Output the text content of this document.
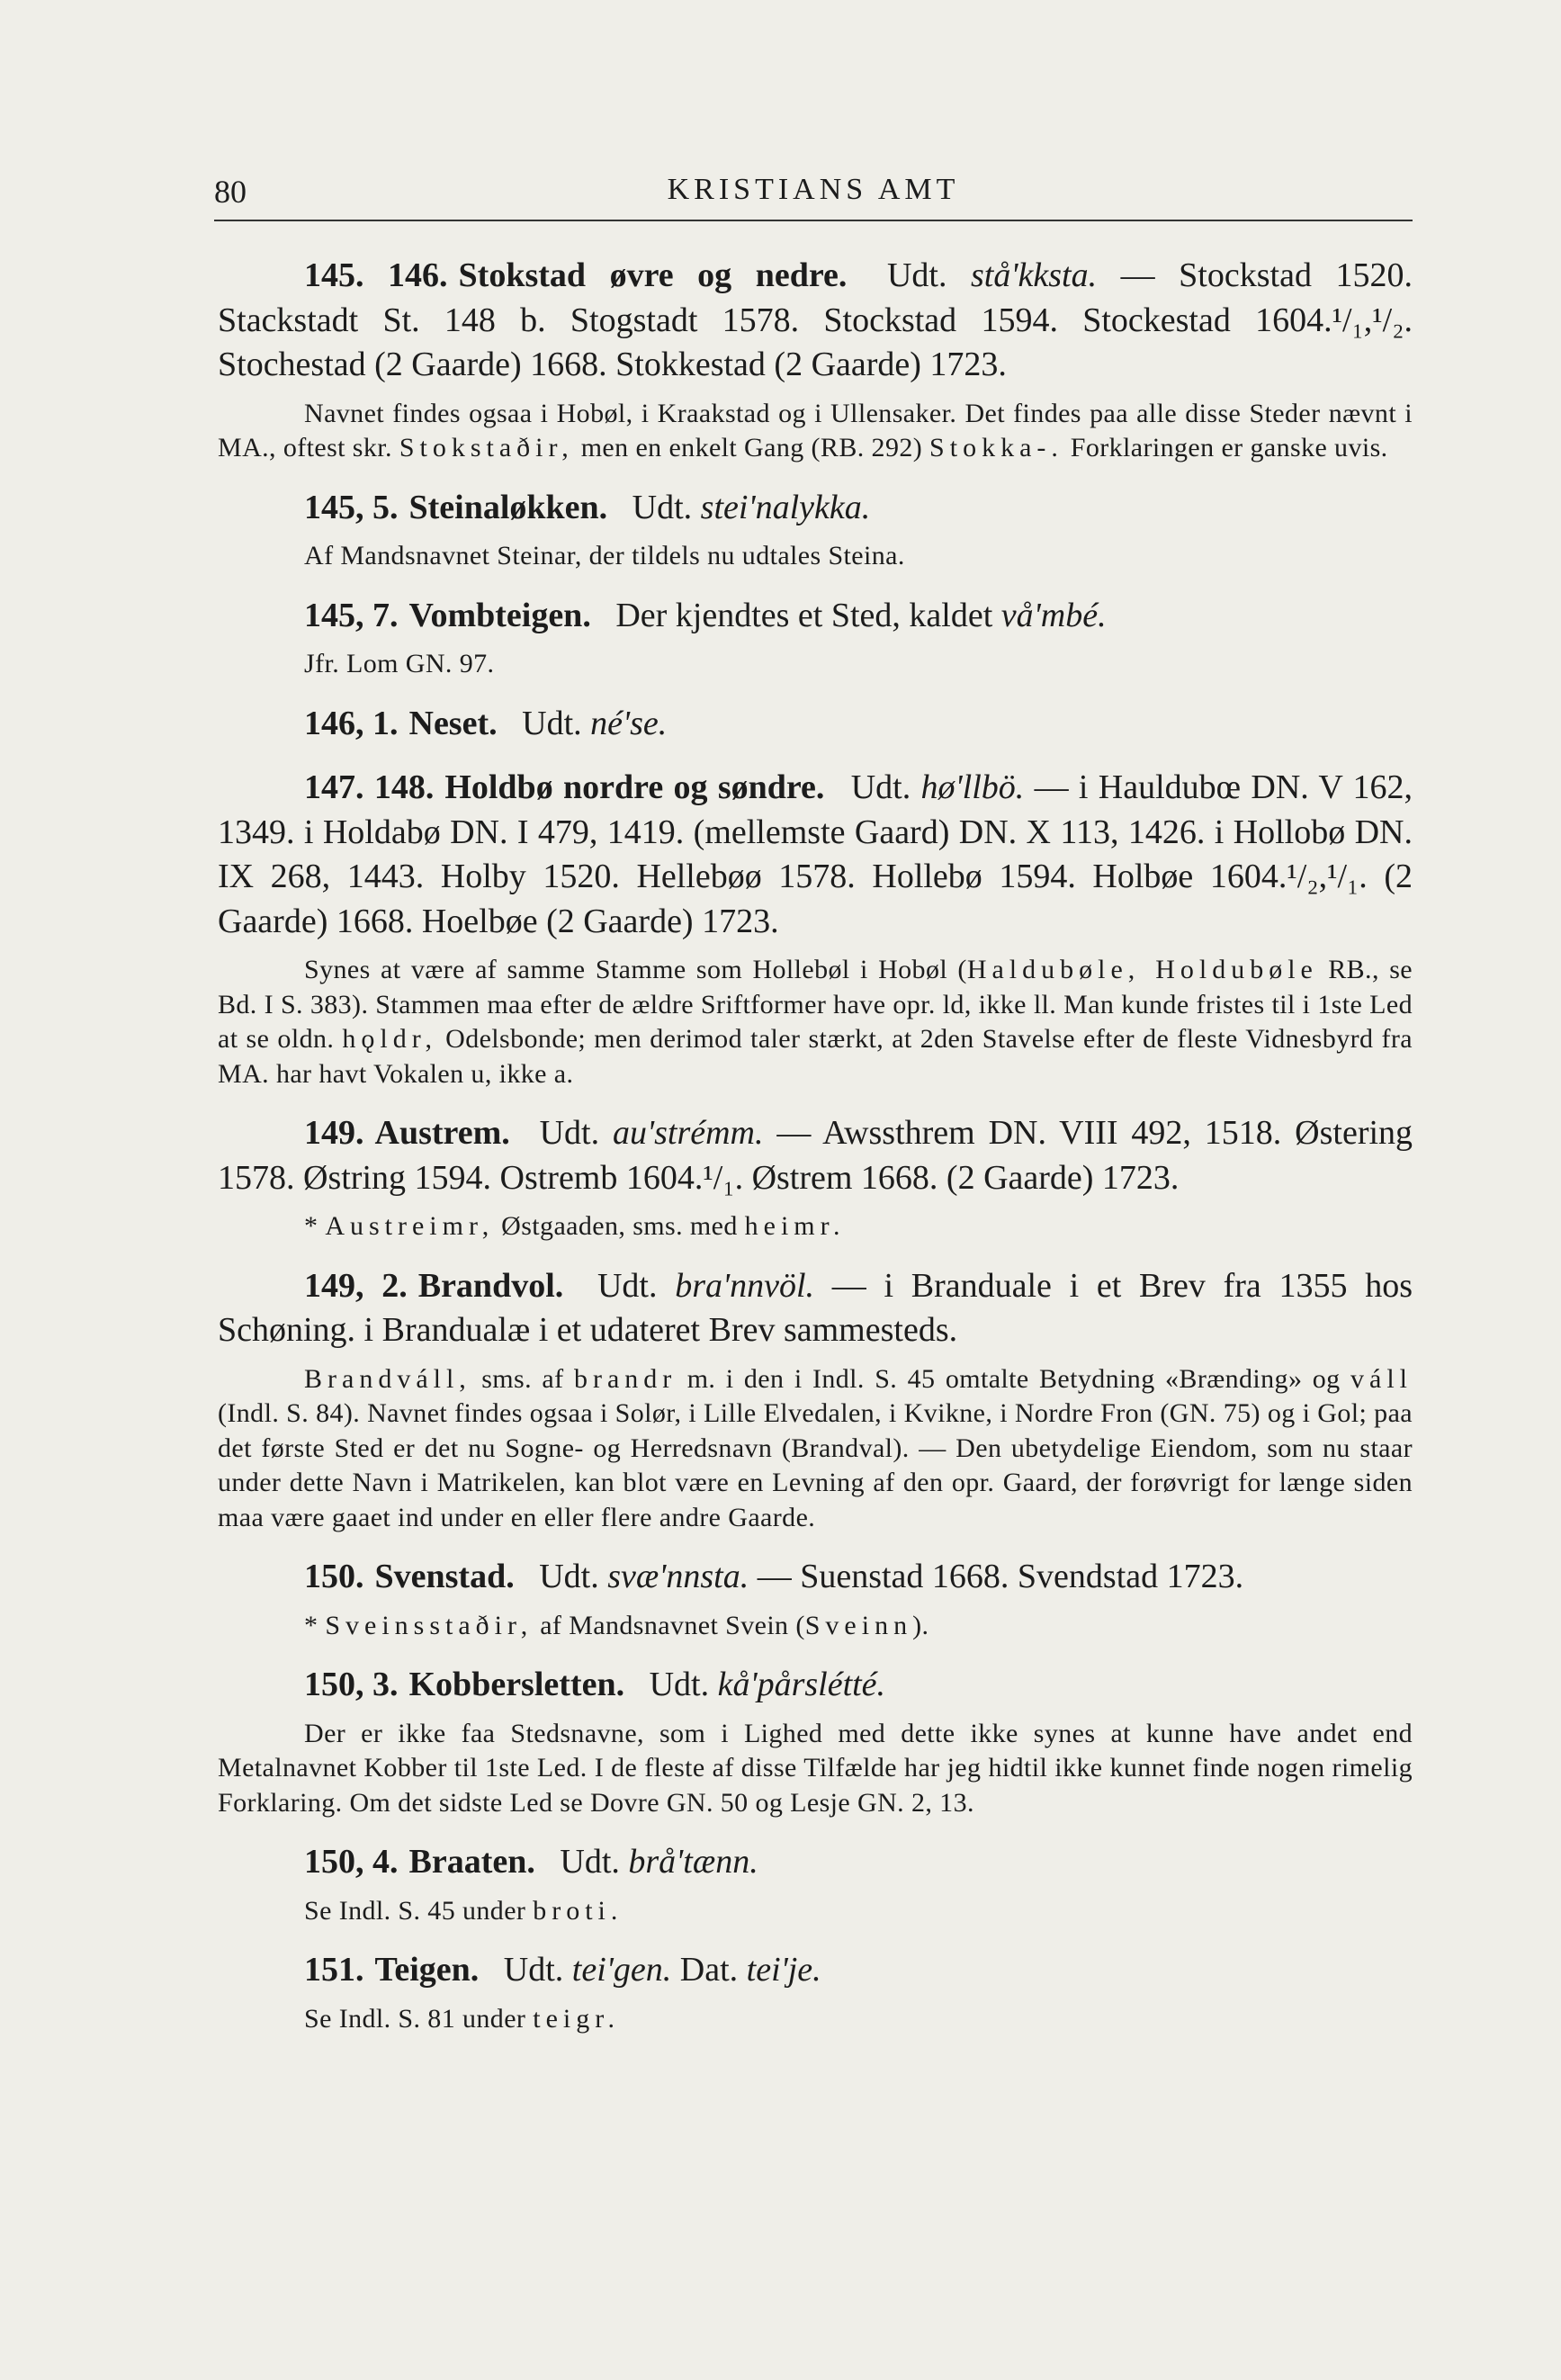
80	KRISTIANS AMT

145. 146. Stokstad øvre og nedre. Udt. stå'kksta. — Stockstad 1520. Stackstadt St. 148 b. Stogstadt 1578. Stockstad 1594. Stockestad 1604.¹/₁,¹/₂. Stochestad (2 Gaarde) 1668. Stokkestad (2 Gaarde) 1723.

Navnet findes ogsaa i Hobøl, i Kraakstad og i Ullensaker. Det findes paa alle disse Steder nævnt i MA., oftest skr. Stokstaðir, men en enkelt Gang (RB. 292) Stokka-. Forklaringen er ganske uvis.

145, 5. Steinaløkken. Udt. stei'nalykka.

Af Mandsnavnet Steinar, der tildels nu udtales Steina.

145, 7. Vombteigen. Der kjendtes et Sted, kaldet vå'mbé.

Jfr. Lom GN. 97.

146, 1. Neset. Udt. né'se.

147. 148. Holdbø nordre og søndre. Udt. hø'llbö. — i Hauldubœ DN. V 162, 1349. i Holdabø DN. I 479, 1419. (mellemste Gaard) DN. X 113, 1426. i Hollobø DN. IX 268, 1443. Holby 1520. Hellebøø 1578. Hollebø 1594. Holbøe 1604.¹/₂,¹/₁. (2 Gaarde) 1668. Hoelbøe (2 Gaarde) 1723.

Synes at være af samme Stamme som Hollebøl i Hobøl (Haldubøle, Holdubøle RB., se Bd. I S. 383). Stammen maa efter de ældre Sriftformer have opr. ld, ikke ll. Man kunde fristes til i 1ste Led at se oldn. hǫldr, Odelsbonde; men derimod taler stærkt, at 2den Stavelse efter de fleste Vidnesbyrd fra MA. har havt Vokalen u, ikke a.

149. Austrem. Udt. au'strémm. — Awssthrem DN. VIII 492, 1518. Østering 1578. Østring 1594. Ostremb 1604.¹/₁. Østrem 1668. (2 Gaarde) 1723.

* Austreimr, Østgaaden, sms. med heimr.

149, 2. Brandvol. Udt. bra'nnvöl. — i Branduale i et Brev fra 1355 hos Schøning. i Brandualæ i et udateret Brev sammesteds.

Brandváll, sms. af brandr m. i den i Indl. S. 45 omtalte Betydning «Brænding» og váll (Indl. S. 84). Navnet findes ogsaa i Solør, i Lille Elvedalen, i Kvikne, i Nordre Fron (GN. 75) og i Gol; paa det første Sted er det nu Sogne- og Herredsnavn (Brandval). — Den ubetydelige Eiendom, som nu staar under dette Navn i Matrikelen, kan blot være en Levning af den opr. Gaard, der forøvrigt for længe siden maa være gaaet ind under en eller flere andre Gaarde.

150. Svenstad. Udt. svæ'nnsta. — Suenstad 1668. Svendstad 1723.

* Sveinsstaðir, af Mandsnavnet Svein (Sveinn).

150, 3. Kobbersletten. Udt. kå'pårslétté.

Der er ikke faa Stedsnavne, som i Lighed med dette ikke synes at kunne have andet end Metalnavnet Kobber til 1ste Led. I de fleste af disse Tilfælde har jeg hidtil ikke kunnet finde nogen rimelig Forklaring. Om det sidste Led se Dovre GN. 50 og Lesje GN. 2, 13.

150, 4. Braaten. Udt. brå'tænn.

Se Indl. S. 45 under broti.

151. Teigen. Udt. tei'gen. Dat. tei'je.

Se Indl. S. 81 under teigr.
